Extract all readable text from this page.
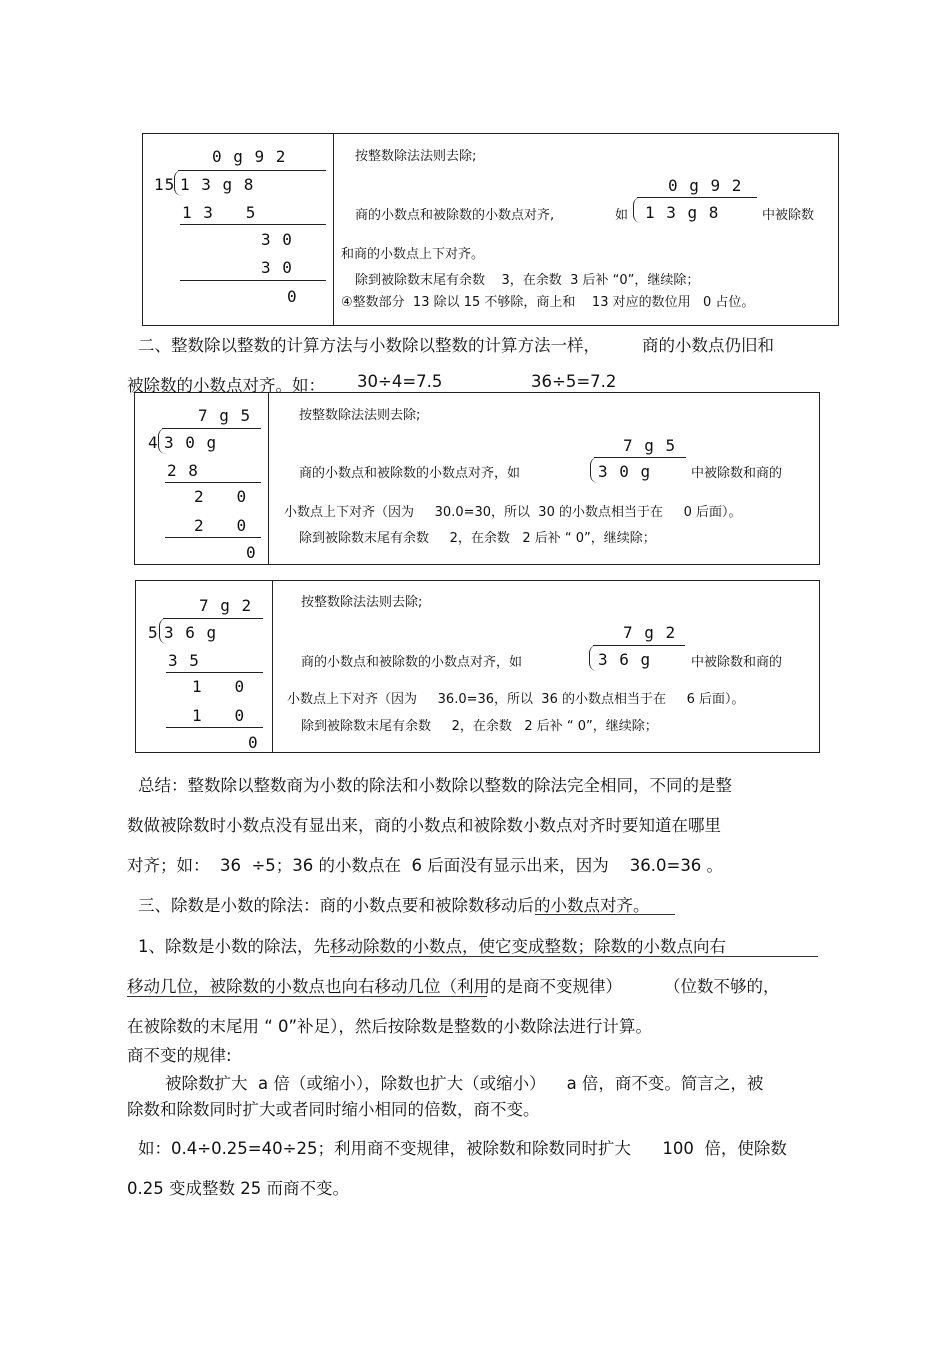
0 g 9 2
15 1 3 g 8
1 3   5
3 0
3 0
0
按整数除法法则去除;
0 g 9 2
商的小数点和被除数的小数点对齐,	如 1 3 g 8	中被除数
和商的小数点上下对齐。
除到被除数末尾有余数    3，在余数  3 后补 “0”，继续除；
④整数部分  13 除以 15 不够除，商上和    13 对应的数位用   0 占位。
二、整数除以整数的计算方法与小数除以整数的计算方法一样，        商的小数点仍旧和
被除数的小数点对齐。如： 30÷4=7.5	36÷5=7.2
7 g 5
4 3 0 g
2 8
2   0
2   0
0
按整数除法法则去除;
7 g 5
商的小数点和被除数的小数点对齐，如	3 0 g	中被除数和商的
小数点上下对齐（因为     30.0=30，所以  30 的小数点相当于在     0 后面）。
除到被除数末尾有余数     2，在余数   2 后补 “ 0”，继续除；
7 g 2
5 3 6 g
3 5
1   0
1   0
0
按整数除法法则去除;
7 g 2
商的小数点和被除数的小数点对齐，如	3 6 g	中被除数和商的
小数点上下对齐（因为     36.0=36，所以  36 的小数点相当于在     6 后面）。
除到被除数末尾有余数     2，在余数   2 后补 “ 0”，继续除；
总结：整数除以整数商为小数的除法和小数除以整数的除法完全相同，不同的是整
数做被除数时小数点没有显出来，商的小数点和被除数小数点对齐时要知道在哪里
对齐；如：  36  ÷5；36 的小数点在  6 后面没有显示出来，因为    36.0=36 。
三、除数是小数的除法：商的小数点要和被除数移动后的小数点对齐。
1、除数是小数的除法，先移动除数的小数点，使它变成整数；除数的小数点向右
移动几位，被除数的小数点也向右移动几位（利用的是商不变规律）        （位数不够的，
在被除数的末尾用 “ 0”补足），然后按除数是整数的小数除法进行计算。
商不变的规律:
被除数扩大  a 倍（或缩小），除数也扩大（或缩小）    a 倍，商不变。简言之，被
除数和除数同时扩大或者同时缩小相同的倍数，商不变。
如：0.4÷0.25=40÷25；利用商不变规律，被除数和除数同时扩大      100  倍，使除数
0.25 变成整数 25 而商不变。
